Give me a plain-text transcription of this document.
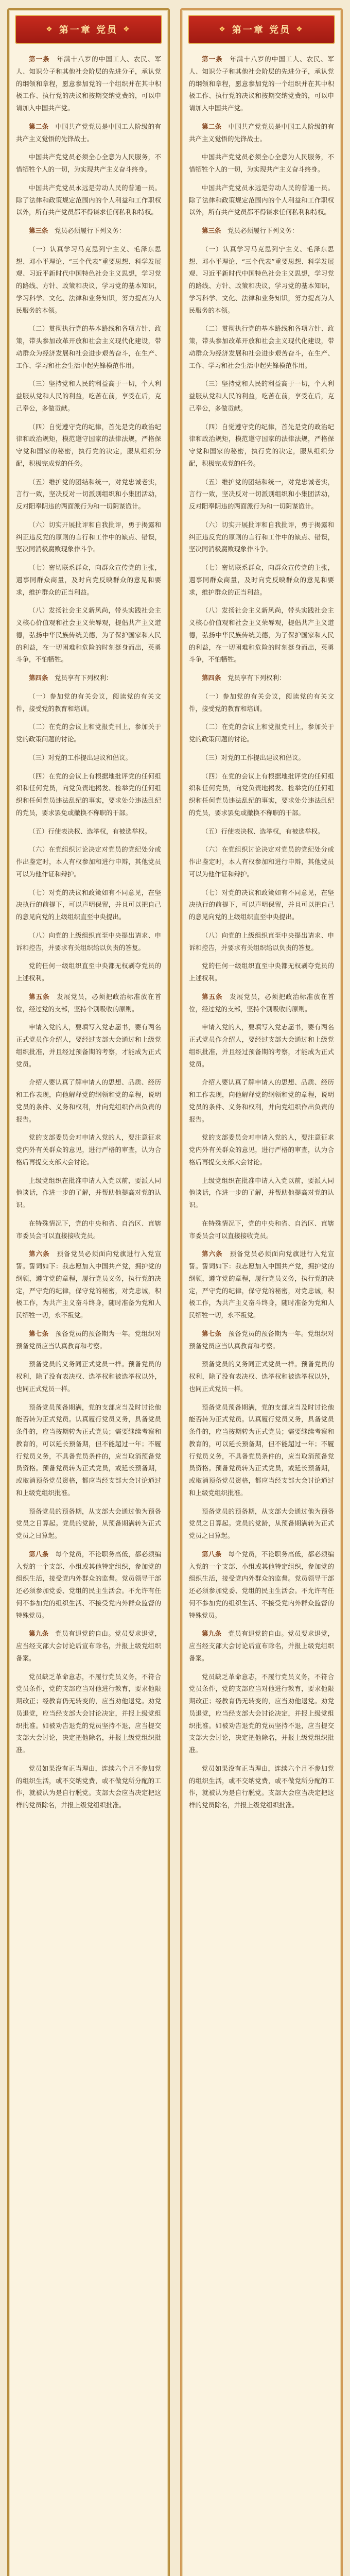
❖ 第一章 党员 ❖

第一条　 年满十八岁的中国工人、农民、军人、知识分子和其他社会阶层的先进分子，承认党的纲领和章程，愿意参加党的一个组织并在其中积极工作、执行党的决议和按期交纳党费的，可以申请加入中国共产党。

第二条　 中国共产党党员是中国工人阶级的有共产主义觉悟的先锋战士。

中国共产党党员必须全心全意为人民服务，不惜牺牲个人的一切，为实现共产主义奋斗终身。

中国共产党党员永远是劳动人民的普通一员。除了法律和政策规定范围内的个人利益和工作职权以外，所有共产党员都不得谋求任何私利和特权。

第三条　 党员必须履行下列义务：

（一）认真学习马克思列宁主义、毛泽东思想、邓小平理论、“三个代表”重要思想、科学发展观、习近平新时代中国特色社会主义思想，学习党的路线、方针、政策和决议，学习党的基本知识，学习科学、文化、法律和业务知识，努力提高为人民服务的本领。

（二）贯彻执行党的基本路线和各项方针、政策，带头参加改革开放和社会主义现代化建设，带动群众为经济发展和社会进步艰苦奋斗，在生产、工作、学习和社会生活中起先锋模范作用。

（三）坚持党和人民的利益高于一切，个人利益服从党和人民的利益，吃苦在前，享受在后，克己奉公，多做贡献。

（四）自觉遵守党的纪律，首先是党的政治纪律和政治规矩，模范遵守国家的法律法规，严格保守党和国家的秘密，执行党的决定，服从组织分配，积极完成党的任务。

（五）维护党的团结和统一，对党忠诚老实，言行一致，坚决反对一切派别组织和小集团活动，反对阳奉阴违的两面派行为和一切阴谋诡计。

（六）切实开展批评和自我批评，勇于揭露和纠正违反党的原则的言行和工作中的缺点、错误，坚决同消极腐败现象作斗争。

（七）密切联系群众，向群众宣传党的主张，遇事同群众商量，及时向党反映群众的意见和要求，维护群众的正当利益。

（八）发扬社会主义新风尚，带头实践社会主义核心价值观和社会主义荣辱观，提倡共产主义道德，弘扬中华民族传统美德，为了保护国家和人民的利益，在一切困难和危险的时刻挺身而出，英勇斗争，不怕牺牲。

第四条　 党员享有下列权利：

（一）参加党的有关会议，阅读党的有关文件，接受党的教育和培训。

（二）在党的会议上和党报党刊上，参加关于党的政策问题的讨论。

（三）对党的工作提出建议和倡议。

（四）在党的会议上有根据地批评党的任何组织和任何党员，向党负责地揭发、检举党的任何组织和任何党员违法乱纪的事实，要求处分违法乱纪的党员，要求罢免或撤换不称职的干部。

（五）行使表决权、选举权，有被选举权。

（六）在党组织讨论决定对党员的党纪处分或作出鉴定时，本人有权参加和进行申辩，其他党员可以为他作证和辩护。

（七）对党的决议和政策如有不同意见，在坚决执行的前提下，可以声明保留，并且可以把自己的意见向党的上级组织直至中央提出。

（八）向党的上级组织直至中央提出请求、申诉和控告，并要求有关组织给以负责的答复。

党的任何一级组织直至中央都无权剥夺党员的上述权利。

第五条　 发展党员，必须把政治标准放在首位，经过党的支部，坚持个别吸收的原则。

申请入党的人，要填写入党志愿书，要有两名正式党员作介绍人，要经过支部大会通过和上级党组织批准，并且经过预备期的考察，才能成为正式党员。

介绍人要认真了解申请人的思想、品质、经历和工作表现，向他解释党的纲领和党的章程，说明党员的条件、义务和权利，并向党组织作出负责的报告。

党的支部委员会对申请入党的人，要注意征求党内外有关群众的意见，进行严格的审查，认为合格后再提交支部大会讨论。

上级党组织在批准申请人入党以前，要派人同他谈话，作进一步的了解，并帮助他提高对党的认识。

在特殊情况下，党的中央和省、自治区、直辖市委员会可以直接接收党员。

第六条　 预备党员必须面向党旗进行入党宣誓。誓词如下：我志愿加入中国共产党，拥护党的纲领，遵守党的章程，履行党员义务，执行党的决定，严守党的纪律，保守党的秘密，对党忠诚，积极工作，为共产主义奋斗终身，随时准备为党和人民牺牲一切，永不叛党。

第七条　 预备党员的预备期为一年。党组织对预备党员应当认真教育和考察。

预备党员的义务同正式党员一样。预备党员的权利，除了没有表决权、选举权和被选举权以外，也同正式党员一样。

预备党员预备期满，党的支部应当及时讨论他能否转为正式党员。认真履行党员义务，具备党员条件的，应当按期转为正式党员；需要继续考察和教育的，可以延长预备期，但不能超过一年；不履行党员义务，不具备党员条件的，应当取消预备党员资格。预备党员转为正式党员，或延长预备期，或取消预备党员资格，都应当经支部大会讨论通过和上级党组织批准。

预备党员的预备期，从支部大会通过他为预备党员之日算起。党员的党龄，从预备期满转为正式党员之日算起。

第八条　 每个党员，不论职务高低，都必须编入党的一个支部、小组或其他特定组织，参加党的组织生活，接受党内外群众的监督。党员领导干部还必须参加党委、党组的民主生活会。不允许有任何不参加党的组织生活、不接受党内外群众监督的特殊党员。

第九条　 党员有退党的自由。党员要求退党，应当经支部大会讨论后宣布除名，并报上级党组织备案。

党员缺乏革命意志，不履行党员义务，不符合党员条件，党的支部应当对他进行教育，要求他限期改正；经教育仍无转变的，应当劝他退党。劝党员退党，应当经支部大会讨论决定，并报上级党组织批准。如被劝告退党的党员坚持不退，应当提交支部大会讨论，决定把他除名，并报上级党组织批准。

党员如果没有正当理由，连续六个月不参加党的组织生活，或不交纳党费，或不做党所分配的工作，就被认为是自行脱党。支部大会应当决定把这样的党员除名，并报上级党组织批准。

❖ 第一章 党员 ❖

第一条　 年满十八岁的中国工人、农民、军人、知识分子和其他社会阶层的先进分子，承认党的纲领和章程，愿意参加党的一个组织并在其中积极工作、执行党的决议和按期交纳党费的，可以申请加入中国共产党。

第二条　 中国共产党党员是中国工人阶级的有共产主义觉悟的先锋战士。

中国共产党党员必须全心全意为人民服务，不惜牺牲个人的一切，为实现共产主义奋斗终身。

中国共产党党员永远是劳动人民的普通一员。除了法律和政策规定范围内的个人利益和工作职权以外，所有共产党员都不得谋求任何私利和特权。

第三条　 党员必须履行下列义务：

（一）认真学习马克思列宁主义、毛泽东思想、邓小平理论、“三个代表”重要思想、科学发展观、习近平新时代中国特色社会主义思想，学习党的路线、方针、政策和决议，学习党的基本知识，学习科学、文化、法律和业务知识，努力提高为人民服务的本领。

（二）贯彻执行党的基本路线和各项方针、政策，带头参加改革开放和社会主义现代化建设，带动群众为经济发展和社会进步艰苦奋斗，在生产、工作、学习和社会生活中起先锋模范作用。

（三）坚持党和人民的利益高于一切，个人利益服从党和人民的利益，吃苦在前，享受在后，克己奉公，多做贡献。

（四）自觉遵守党的纪律，首先是党的政治纪律和政治规矩，模范遵守国家的法律法规，严格保守党和国家的秘密，执行党的决定，服从组织分配，积极完成党的任务。

（五）维护党的团结和统一，对党忠诚老实，言行一致，坚决反对一切派别组织和小集团活动，反对阳奉阴违的两面派行为和一切阴谋诡计。

（六）切实开展批评和自我批评，勇于揭露和纠正违反党的原则的言行和工作中的缺点、错误，坚决同消极腐败现象作斗争。

（七）密切联系群众，向群众宣传党的主张，遇事同群众商量，及时向党反映群众的意见和要求，维护群众的正当利益。

（八）发扬社会主义新风尚，带头实践社会主义核心价值观和社会主义荣辱观，提倡共产主义道德，弘扬中华民族传统美德，为了保护国家和人民的利益，在一切困难和危险的时刻挺身而出，英勇斗争，不怕牺牲。

第四条　 党员享有下列权利：

（一）参加党的有关会议，阅读党的有关文件，接受党的教育和培训。

（二）在党的会议上和党报党刊上，参加关于党的政策问题的讨论。

（三）对党的工作提出建议和倡议。

（四）在党的会议上有根据地批评党的任何组织和任何党员，向党负责地揭发、检举党的任何组织和任何党员违法乱纪的事实，要求处分违法乱纪的党员，要求罢免或撤换不称职的干部。

（五）行使表决权、选举权，有被选举权。

（六）在党组织讨论决定对党员的党纪处分或作出鉴定时，本人有权参加和进行申辩，其他党员可以为他作证和辩护。

（七）对党的决议和政策如有不同意见，在坚决执行的前提下，可以声明保留，并且可以把自己的意见向党的上级组织直至中央提出。

（八）向党的上级组织直至中央提出请求、申诉和控告，并要求有关组织给以负责的答复。

党的任何一级组织直至中央都无权剥夺党员的上述权利。

第五条　 发展党员，必须把政治标准放在首位，经过党的支部，坚持个别吸收的原则。

申请入党的人，要填写入党志愿书，要有两名正式党员作介绍人，要经过支部大会通过和上级党组织批准，并且经过预备期的考察，才能成为正式党员。

介绍人要认真了解申请人的思想、品质、经历和工作表现，向他解释党的纲领和党的章程，说明党员的条件、义务和权利，并向党组织作出负责的报告。

党的支部委员会对申请入党的人，要注意征求党内外有关群众的意见，进行严格的审查，认为合格后再提交支部大会讨论。

上级党组织在批准申请人入党以前，要派人同他谈话，作进一步的了解，并帮助他提高对党的认识。

在特殊情况下，党的中央和省、自治区、直辖市委员会可以直接接收党员。

第六条　 预备党员必须面向党旗进行入党宣誓。誓词如下：我志愿加入中国共产党，拥护党的纲领，遵守党的章程，履行党员义务，执行党的决定，严守党的纪律，保守党的秘密，对党忠诚，积极工作，为共产主义奋斗终身，随时准备为党和人民牺牲一切，永不叛党。

第七条　 预备党员的预备期为一年。党组织对预备党员应当认真教育和考察。

预备党员的义务同正式党员一样。预备党员的权利，除了没有表决权、选举权和被选举权以外，也同正式党员一样。

预备党员预备期满，党的支部应当及时讨论他能否转为正式党员。认真履行党员义务，具备党员条件的，应当按期转为正式党员；需要继续考察和教育的，可以延长预备期，但不能超过一年；不履行党员义务，不具备党员条件的，应当取消预备党员资格。预备党员转为正式党员，或延长预备期，或取消预备党员资格，都应当经支部大会讨论通过和上级党组织批准。

预备党员的预备期，从支部大会通过他为预备党员之日算起。党员的党龄，从预备期满转为正式党员之日算起。

第八条　 每个党员，不论职务高低，都必须编入党的一个支部、小组或其他特定组织，参加党的组织生活，接受党内外群众的监督。党员领导干部还必须参加党委、党组的民主生活会。不允许有任何不参加党的组织生活、不接受党内外群众监督的特殊党员。

第九条　 党员有退党的自由。党员要求退党，应当经支部大会讨论后宣布除名，并报上级党组织备案。

党员缺乏革命意志，不履行党员义务，不符合党员条件，党的支部应当对他进行教育，要求他限期改正；经教育仍无转变的，应当劝他退党。劝党员退党，应当经支部大会讨论决定，并报上级党组织批准。如被劝告退党的党员坚持不退，应当提交支部大会讨论，决定把他除名，并报上级党组织批准。

党员如果没有正当理由，连续六个月不参加党的组织生活，或不交纳党费，或不做党所分配的工作，就被认为是自行脱党。支部大会应当决定把这样的党员除名，并报上级党组织批准。
